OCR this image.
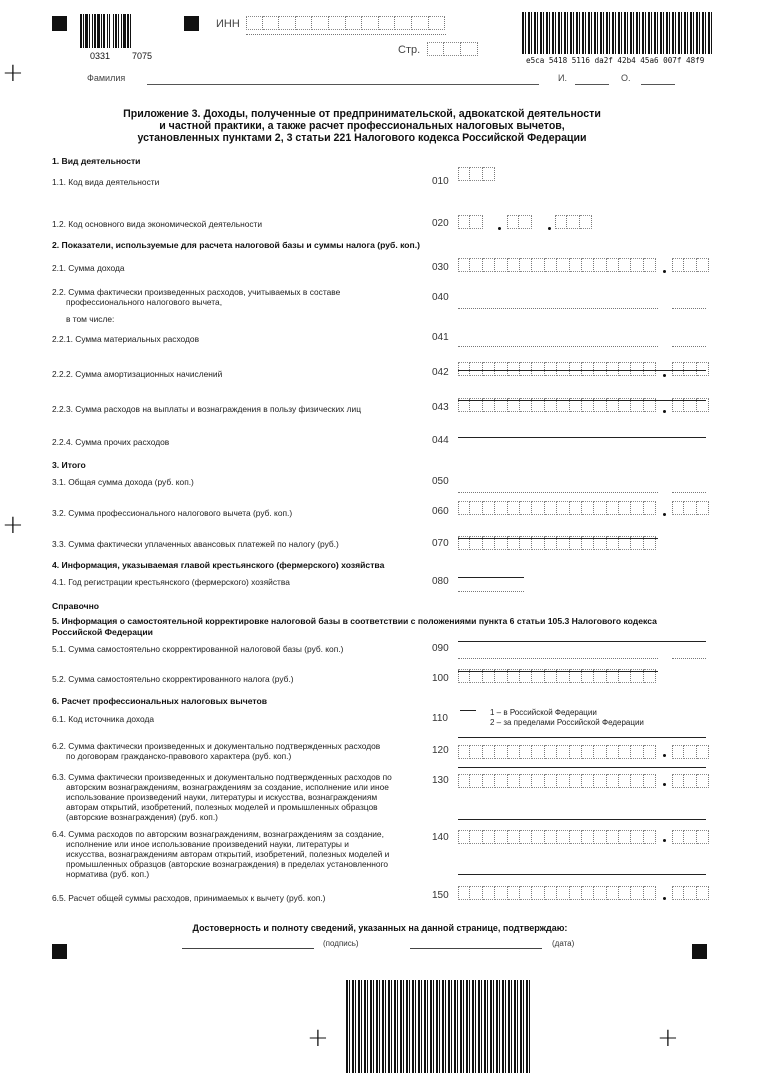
+
+
+	+
0331 7075
ИНН
Стр.
e5ca 5418 5116 da2f 42b4 45a6 007f 48f9
Фамилия	И.	О.
Приложение 3. Доходы, полученные от предпринимательской, адвокатской деятельности
и частной практики, а также расчет профессиональных налоговых вычетов,
установленных пунктами 2, 3 статьи 221 Налогового кодекса Российской Федерации
1. Вид деятельности
1.1. Код вида деятельности	010
1.2. Код основного вида экономической деятельности	020
2. Показатели, используемые для расчета налоговой базы и суммы налога (руб. коп.)
2.1. Сумма дохода	030
2.2. Сумма фактически произведенных расходов, учитываемых в составе
профессионального налогового вычета,
в том числе:
040
2.2.1. Сумма материальных расходов	041
2.2.2. Сумма амортизационных начислений	042
2.2.3. Сумма расходов на выплаты и вознаграждения в пользу физических лиц	043
2.2.4. Сумма прочих расходов	044
3. Итого
3.1. Общая сумма дохода (руб. коп.)	050
3.2. Сумма профессионального налогового вычета (руб. коп.)	060
3.3. Сумма фактически уплаченных авансовых платежей по налогу (руб.)	070
4. Информация, указываемая главой крестьянского (фермерского) хозяйства
4.1. Год регистрации крестьянского (фермерского) хозяйства	080
Справочно
5. Информация о самостоятельной корректировке налоговой базы в соответствии с положениями пункта 6 статьи 105.3 Налогового кодекса
Российской Федерации
5.1. Сумма самостоятельно скорректированной налоговой базы (руб. коп.)	090
5.2. Сумма самостоятельно скорректированного налога (руб.)	100
6. Расчет профессиональных налоговых вычетов
6.1. Код источника дохода	110
1 – в Российской Федерации
2 – за пределами Российской Федерации
6.2. Сумма фактически произведенных и документально подтвержденных расходов
по договорам гражданско-правового характера (руб. коп.)	120
6.3. Сумма фактически произведенных и документально подтвержденных расходов по
авторским вознаграждениям, вознаграждениям за создание, исполнение или иное
использование произведений науки, литературы и искусства, вознаграждениям
авторам открытий, изобретений, полезных моделей и промышленных образцов
(авторские вознаграждения) (руб. коп.)
130
6.4. Сумма расходов по авторским вознаграждениям, вознаграждениям за создание,
исполнение или иное использование произведений науки, литературы и
искусства, вознаграждениям авторам открытий, изобретений, полезных моделей и
промышленных образцов (авторские вознаграждения) в пределах установленного
норматива (руб. коп.)
140
6.5. Расчет общей суммы расходов, принимаемых к вычету (руб. коп.)	150
Достоверность и полноту сведений, указанных на данной странице, подтверждаю:
(подпись)	(дата)
